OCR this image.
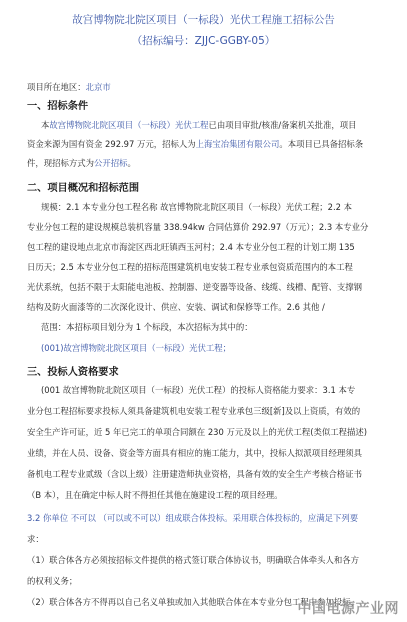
故宫博物院北院区项目（一标段）光伏工程施工招标公告
（招标编号：ZJJC-GGBY-05）
项目所在地区：北京市
一、招标条件
本故宫博物院北院区项目（一标段）光伏工程已由项目审批/核准/备案机关批准，项目
资金来源为国有资金 292.97 万元，招标人为上海宝冶集团有限公司。本项目已具备招标条
件，现招标方式为公开招标。
二、项目概况和招标范围
规模：2.1 本专业分包工程名称 故宫博物院北院区项目（一标段）光伏工程；2.2 本
专业分包工程的建设规模总装机容量 338.94kw 合同估算价 292.97（万元）；2.3 本专业分
包工程的建设地点北京市海淀区西北旺镇西玉河村；2.4 本专业分包工程的计划工期 135
日历天；2.5 本专业分包工程的招标范围建筑机电安装工程专业承包资质范围内的本工程
光伏系统，包括不限于太阳能电池板、控制器、逆变器等设备、线缆、线槽、配管、支撑钢
结构及防火面漆等的二次深化设计、供应、安装、调试和保修等工作。2.6 其他 /
范围：本招标项目划分为 1 个标段，本次招标为其中的：
(001)故宫博物院北院区项目（一标段）光伏工程；
三、投标人资格要求
(001 故宫博物院北院区项目（一标段）光伏工程）的投标人资格能力要求：3.1 本专
业分包工程招标要求投标人须具备建筑机电安装工程专业承包三级[新]及以上资质，有效的
安全生产许可证，近 5 年已完工的单项合同额在 230 万元及以上的光伏工程(类似工程描述)
业绩，并在人员、设备、资金等方面具有相应的施工能力，其中，投标人拟派项目经理须具
备机电工程专业贰级（含以上级）注册建造师执业资格，具备有效的安全生产考核合格证书
（B 本），且在确定中标人时不得担任其他在施建设工程的项目经理。
3.2 你单位 不可以 （可以或不可以）组成联合体投标。采用联合体投标的，应满足下列要
求：
（1）联合体各方必须按招标文件提供的格式签订联合体协议书，明确联合体牵头人和各方
的权利义务；
（2）联合体各方不得再以自己名义单独或加入其他联合体在本专业分包工程中参加投标，
中国电源产业网
